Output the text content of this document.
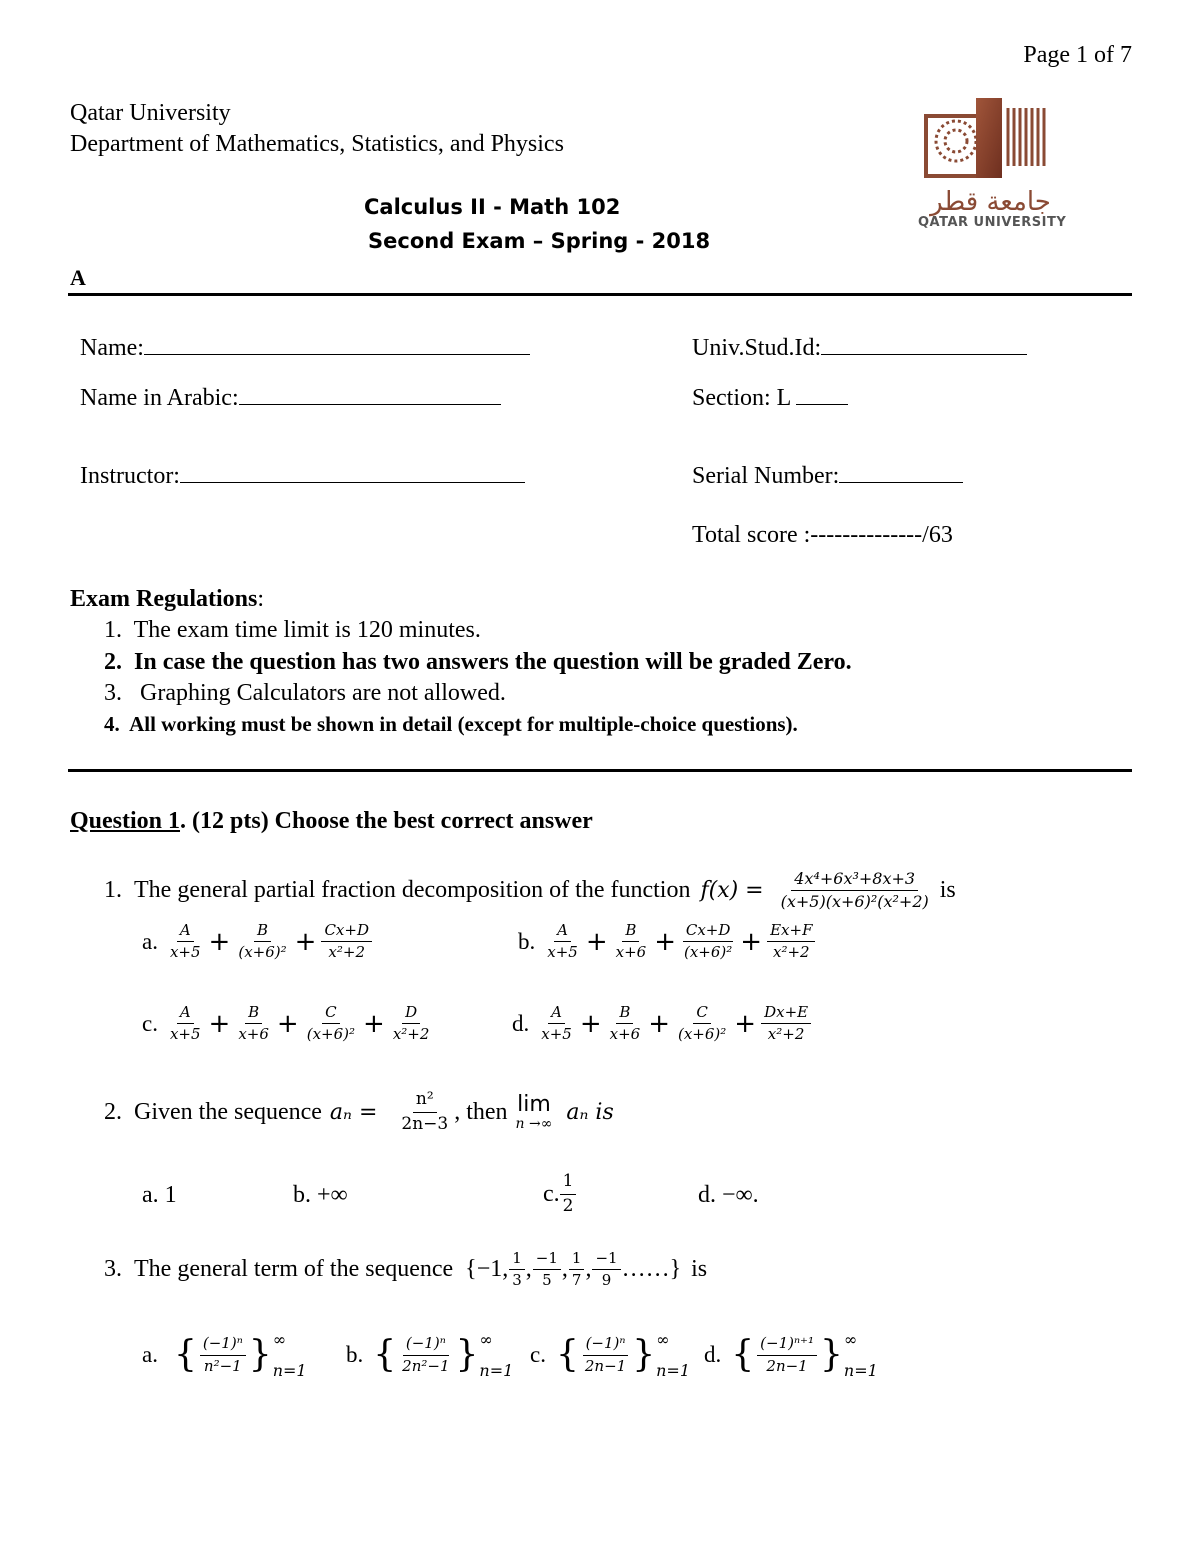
Page 1 of 7
Qatar University
Department of Mathematics, Statistics, and Physics
جامعة قطر
QATAR UNIVERSITY
Calculus II - Math 102
Second Exam – Spring - 2018
A
Name:
Name in Arabic:
Instructor:
Univ.Stud.Id:
Section: L
Serial Number:
Total score :--------------/63
Exam Regulations:
1.  The exam time limit is 120 minutes.
2.  In case the question has two answers the question will be graded Zero.
3.   Graphing Calculators are not allowed.
4.  All working must be shown in detail (except for multiple-choice questions).
Question 1. (12 pts) Choose the best correct answer
1. The general partial fraction decomposition of the function $f(x) = \frac{\text{4x⁴+6x³+8x+3}}{\text{(x+5)(x+6)²(x²+2)}}$ is
a. $\frac{A}{x+5} + \frac{B}{\text{(x+6)²}} + \frac{Cx+D}{\text{x²+2}}$	b. $\frac{A}{x+5} + \frac{B}{x+6} + \frac{Cx+D}{\text{(x+6)²}} + \frac{Ex+F}{\text{x²+2}}$
c. $\frac{A}{x+5} + \frac{B}{x+6} + \frac{C}{\text{(x+6)²}} + \frac{D}{\text{x²+2}}$	d. $\frac{A}{x+5} + \frac{B}{x+6} + \frac{C}{\text{(x+6)²}} + \frac{Dx+E}{\text{x²+2}}$
2. Given the sequence $a_n = \frac{\text{n²}}{2n-3}$ , then lim
n →∞ aₙ is
a. 1	b. +∞	c. $\frac{1}{2}$	d. −∞.
3. The general term of the sequence {−1, $\frac{1}{3}$ , $\frac{-1}{5}$ , $\frac{1}{7}$ , $\frac{-1}{9}$ ……} is
a. { $\frac{\text{(−1)ⁿ}}{\text{n²−1}}$ } ∞
n=1
b. { $\frac{\text{(−1)ⁿ}}{\text{2n²−1}}$ } ∞
n=1
c. { $\frac{\text{(−1)ⁿ}}{2n-1}$ } ∞
n=1
d. { $\frac{\text{(−1)ⁿ⁺¹}}{2n-1}$ } ∞
n=1
